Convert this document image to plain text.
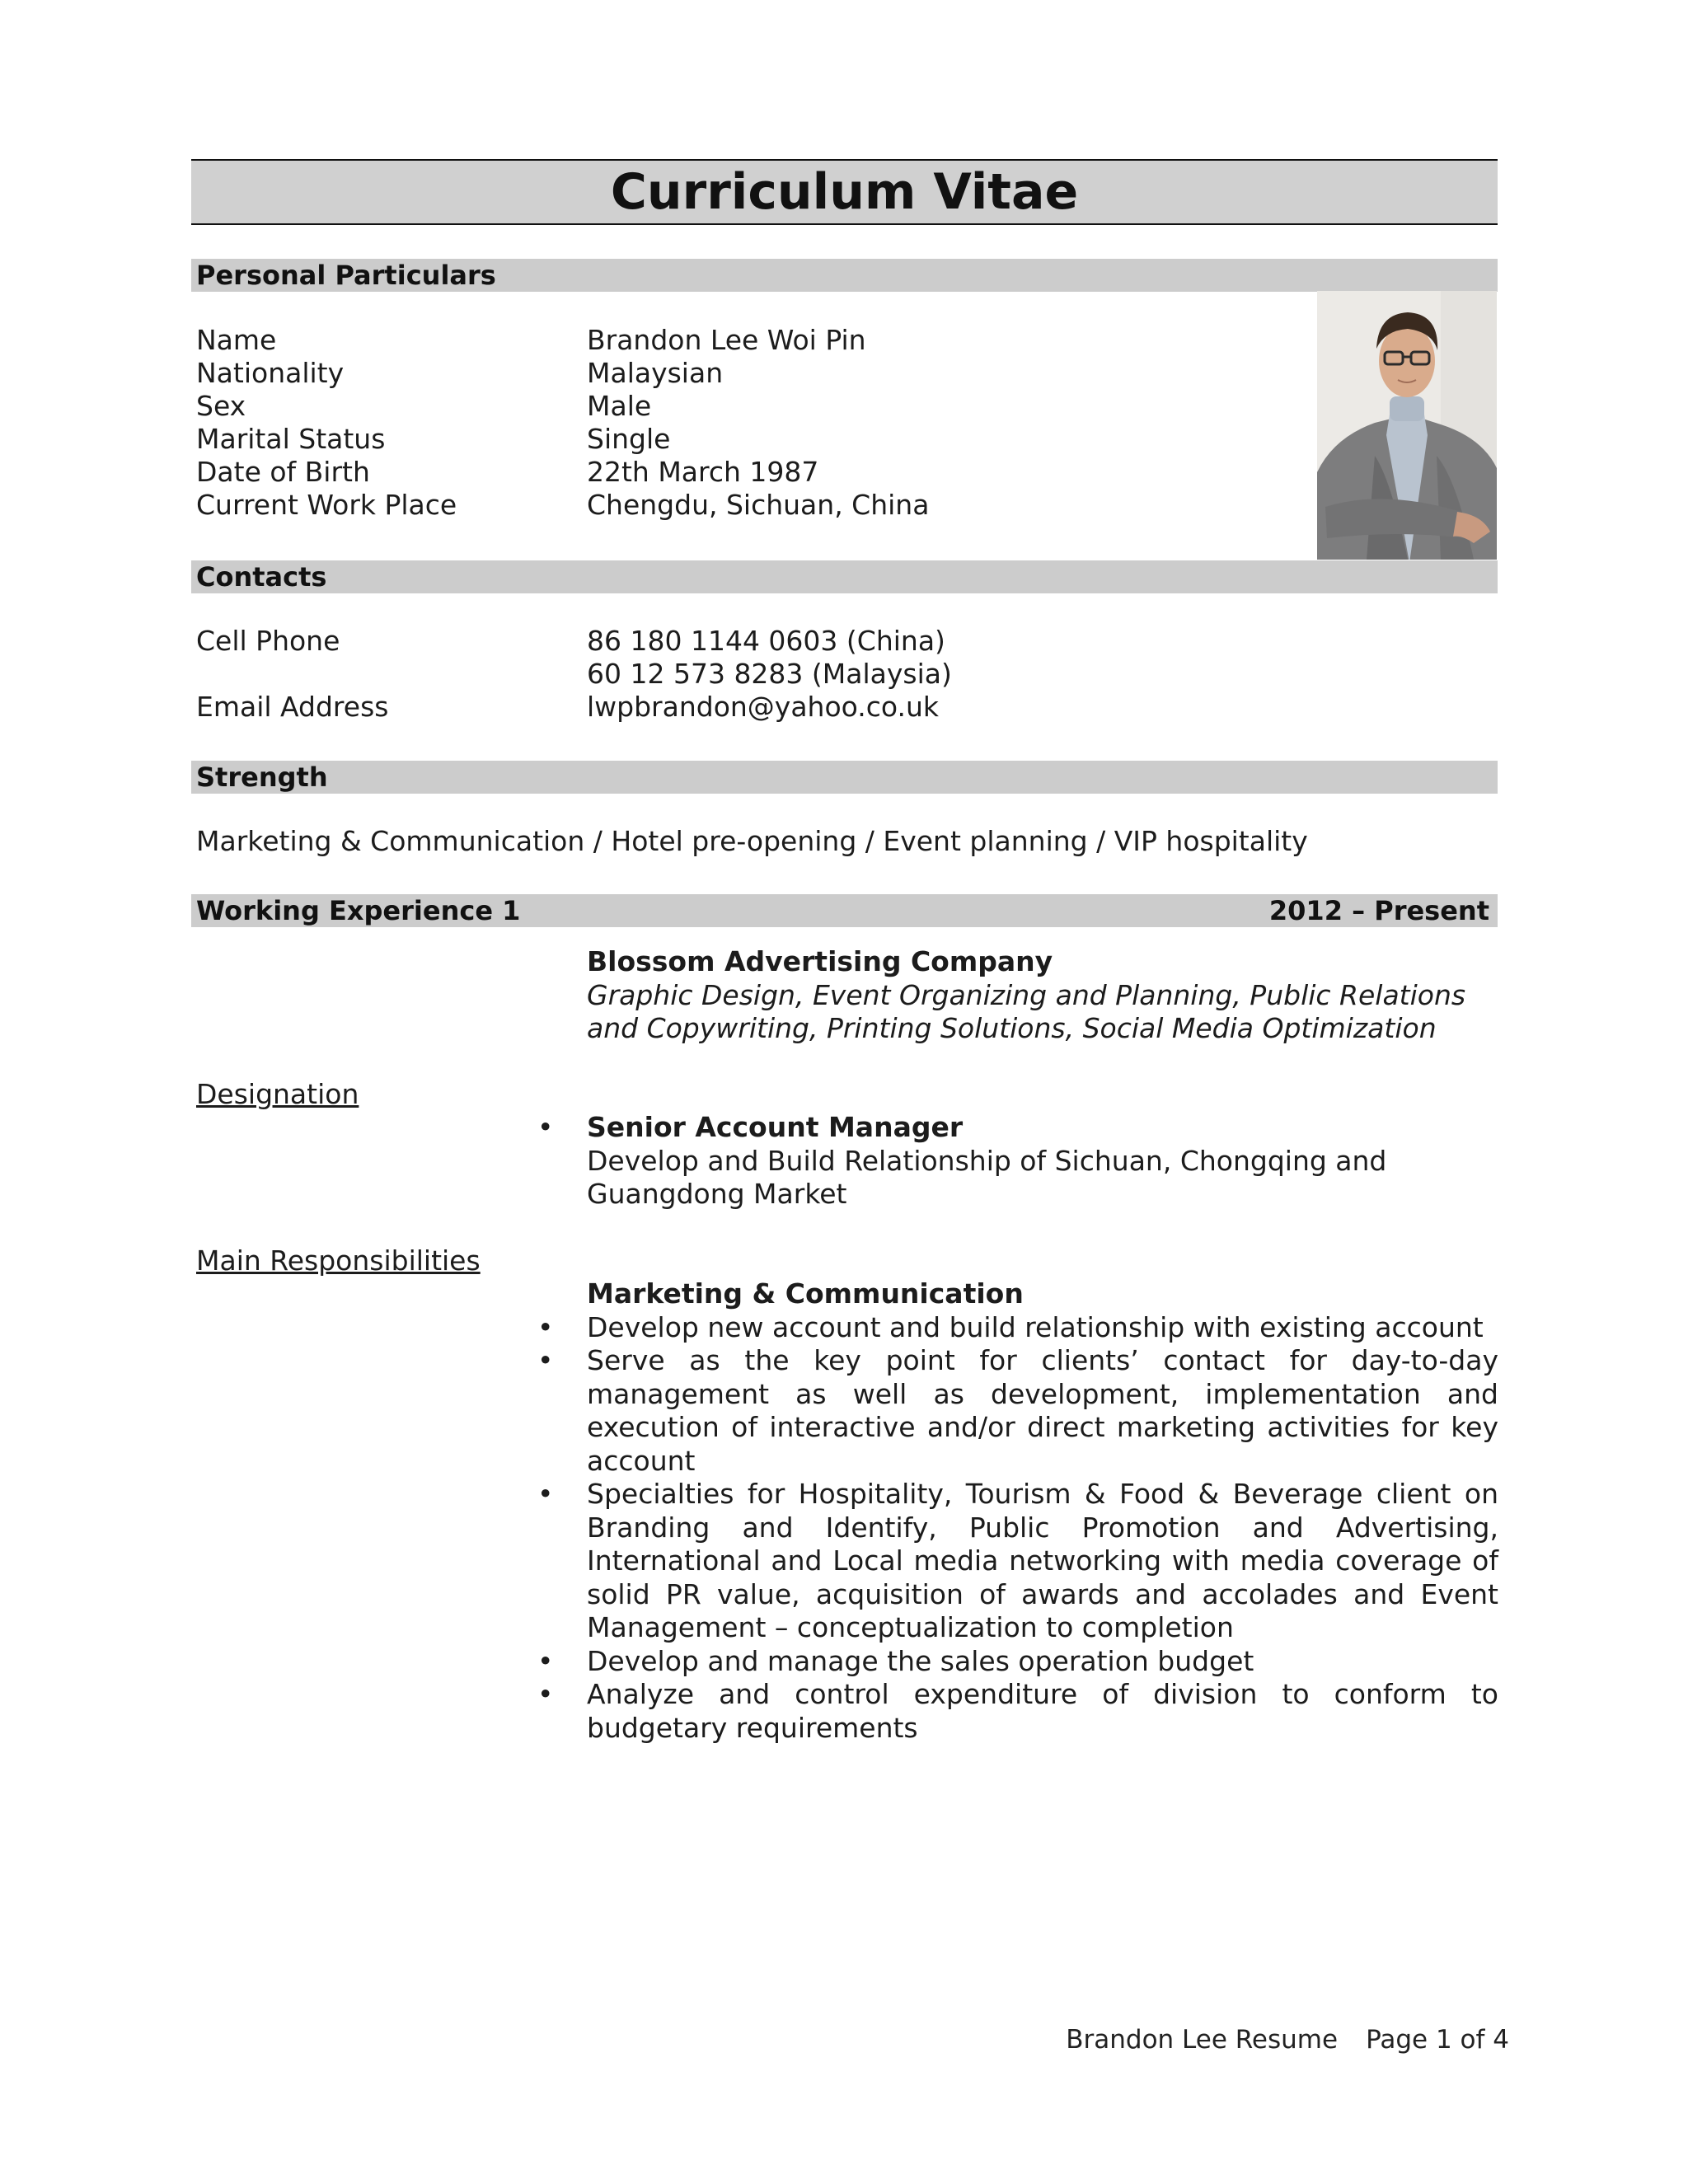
Curriculum Vitae
Personal Particulars
Name	Brandon Lee Woi Pin
Nationality	Malaysian
Sex	Male
Marital Status	Single
Date of Birth	22th March 1987
Current Work Place	Chengdu, Sichuan, China
Contacts
Cell Phone	86 180 1144 0603 (China)
60 12 573 8283 (Malaysia)
Email Address	lwpbrandon@yahoo.co.uk
Strength
Marketing & Communication / Hotel pre-opening / Event planning / VIP hospitality
Working Experience 1	2012 – Present
Blossom Advertising Company
Graphic Design, Event Organizing and Planning, Public Relations and Copywriting, Printing Solutions, Social Media Optimization
Designation
•	Senior Account Manager
Develop and Build Relationship of Sichuan, Chongqing and
Guangdong Market
Main Responsibilities
Marketing & Communication
•	Develop new account and build relationship with existing account
•	Serve as the key point for clients’ contact for day-to-day management as well as development, implementation and execution of interactive and/or direct marketing activities for key account
•	Specialties for Hospitality, Tourism & Food & Beverage client on Branding and Identify, Public Promotion and Advertising, International and Local media networking with media coverage of solid PR value, acquisition of awards and accolades and Event Management – conceptualization to completion
•	Develop and manage the sales operation budget
•	Analyze and control expenditure of division to conform to budgetary requirements
Brandon Lee Resume Page 1 of 4
